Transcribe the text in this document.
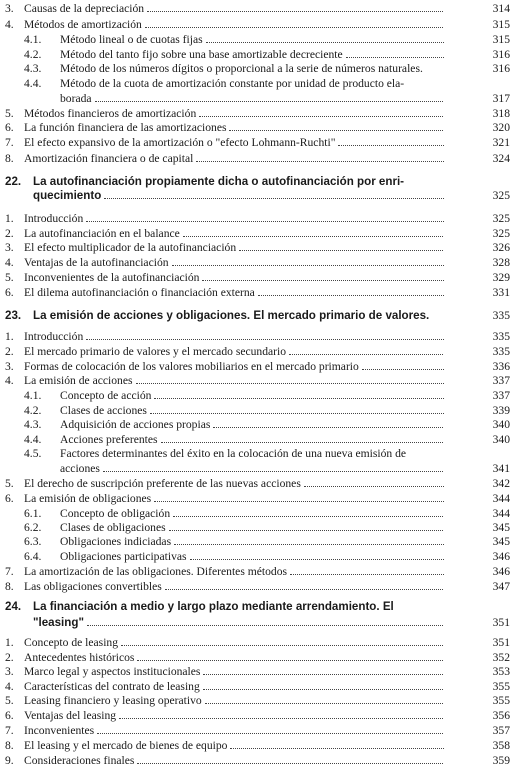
3. Causas de la depreciación	314
4. Métodos de amortización	315
4.1. Método lineal o de cuotas fijas	315
4.2. Método del tanto fijo sobre una base amortizable decreciente	316
4.3. Método de los números dígitos o proporcional a la serie de números naturales.	316
4.4. Método de la cuota de amortización constante por unidad de producto ela-
borada	317
5. Métodos financieros de amortización	318
6. La función financiera de las amortizaciones	320
7. El efecto expansivo de la amortización o "efecto Lohmann-Ruchti"	321
8. Amortización financiera o de capital	324
22. La autofinanciación propiamente dicha o autofinanciación por enri-
quecimiento	325
1. Introducción	325
2. La autofinanciación en el balance	325
3. El efecto multiplicador de la autofinanciación	326
4. Ventajas de la autofinanciación	328
5. Inconvenientes de la autofinanciación	329
6. El dilema autofinanciación o financiación externa	331
23. La emisión de acciones y obligaciones. El mercado primario de valores.	335
1. Introducción	335
2. El mercado primario de valores y el mercado secundario	335
3. Formas de colocación de los valores mobiliarios en el mercado primario	336
4. La emisión de acciones	337
4.1. Concepto de acción	337
4.2. Clases de acciones	339
4.3. Adquisición de acciones propias	340
4.4. Acciones preferentes	340
4.5. Factores determinantes del éxito en la colocación de una nueva emisión de
acciones	341
5. El derecho de suscripción preferente de las nuevas acciones	342
6. La emisión de obligaciones	344
6.1. Concepto de obligación	344
6.2. Clases de obligaciones	345
6.3. Obligaciones indiciadas	345
6.4. Obligaciones participativas	346
7. La amortización de las obligaciones. Diferentes métodos	346
8. Las obligaciones convertibles	347
24. La financiación a medio y largo plazo mediante arrendamiento. El
"leasing"	351
1. Concepto de leasing	351
2. Antecedentes históricos	352
3. Marco legal y aspectos institucionales	353
4. Características del contrato de leasing	355
5. Leasing financiero y leasing operativo	355
6. Ventajas del leasing	356
7. Inconvenientes	357
8. El leasing y el mercado de bienes de equipo	358
9. Consideraciones finales	359
